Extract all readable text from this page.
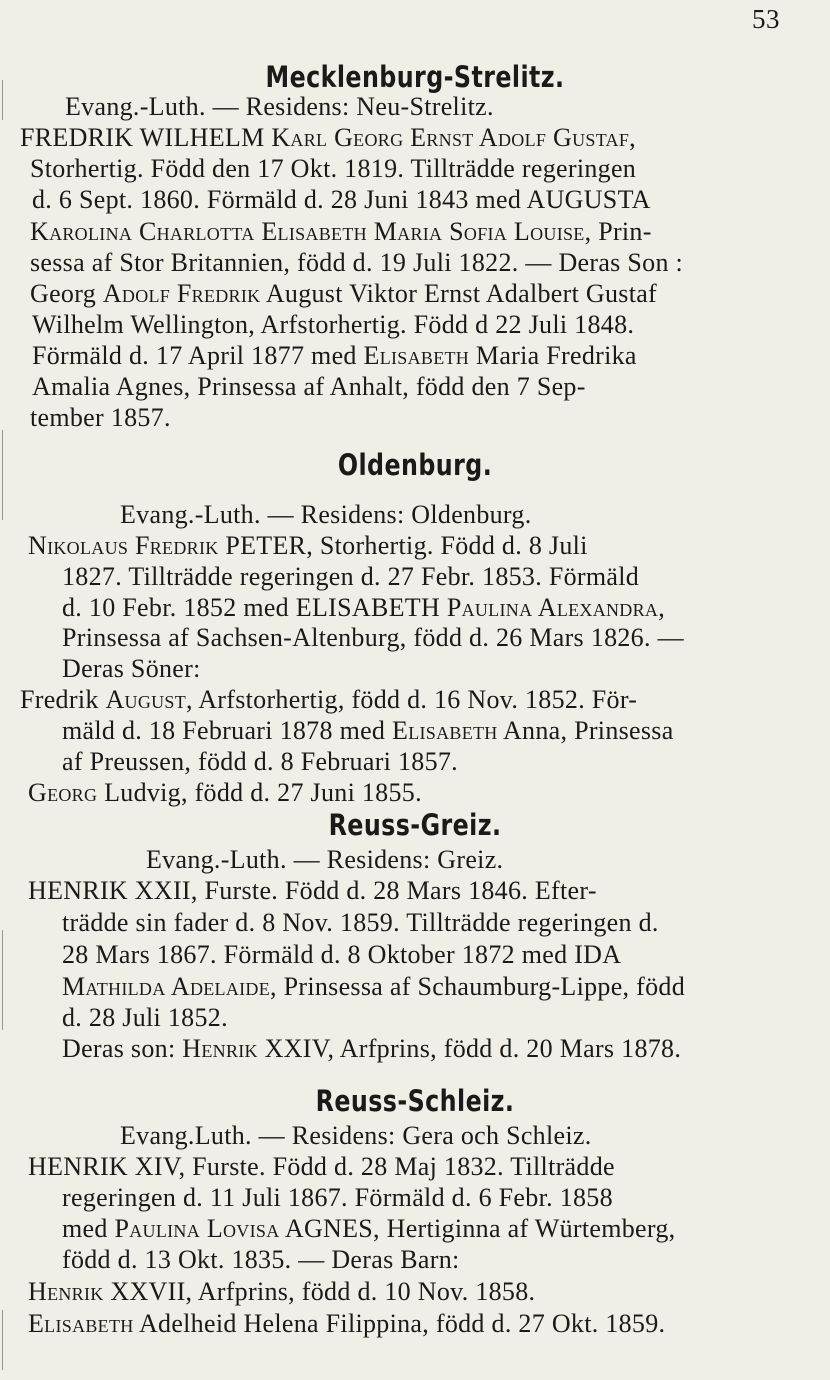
53
Mecklenburg-Strelitz.
Evang.-Luth. — Residens: Neu-Strelitz.
FREDRIK WILHELM Karl Georg Ernst Adolf Gustaf,
Storhertig. Född den 17 Okt. 1819. Tillträdde regeringen
d. 6 Sept. 1860. Förmäld d. 28 Juni 1843 med AUGUSTA
Karolina Charlotta Elisabeth Maria Sofia Louise, Prin-
sessa af Stor Britannien, född d. 19 Juli 1822. — Deras Son :
Georg Adolf Fredrik August Viktor Ernst Adalbert Gustaf
Wilhelm Wellington, Arfstorhertig. Född d 22 Juli 1848.
Förmäld d. 17 April 1877 med Elisabeth Maria Fredrika
Amalia Agnes, Prinsessa af Anhalt, född den 7 Sep-
tember 1857.
Oldenburg.
Evang.-Luth. — Residens: Oldenburg.
Nikolaus Fredrik PETER, Storhertig. Född d. 8 Juli
1827. Tillträdde regeringen d. 27 Febr. 1853. Förmäld
d. 10 Febr. 1852 med ELISABETH Paulina Alexandra,
Prinsessa af Sachsen-Altenburg, född d. 26 Mars 1826. —
Deras Söner:
Fredrik August, Arfstorhertig, född d. 16 Nov. 1852. För-
mäld d. 18 Februari 1878 med Elisabeth Anna, Prinsessa
af Preussen, född d. 8 Februari 1857.
Georg Ludvig, född d. 27 Juni 1855.
Reuss-Greiz.
Evang.-Luth. — Residens: Greiz.
HENRIK XXII, Furste. Född d. 28 Mars 1846. Efter-
trädde sin fader d. 8 Nov. 1859. Tillträdde regeringen d.
28 Mars 1867. Förmäld d. 8 Oktober 1872 med IDA
Mathilda Adelaide, Prinsessa af Schaumburg-Lippe, född
d. 28 Juli 1852.
Deras son: Henrik XXIV, Arfprins, född d. 20 Mars 1878.
Reuss-Schleiz.
Evang.Luth. — Residens: Gera och Schleiz.
HENRIK XIV, Furste. Född d. 28 Maj 1832. Tillträdde
regeringen d. 11 Juli 1867. Förmäld d. 6 Febr. 1858
med Paulina Lovisa AGNES, Hertiginna af Würtemberg,
född d. 13 Okt. 1835. — Deras Barn:
Henrik XXVII, Arfprins, född d. 10 Nov. 1858.
Elisabeth Adelheid Helena Filippina, född d. 27 Okt. 1859.
